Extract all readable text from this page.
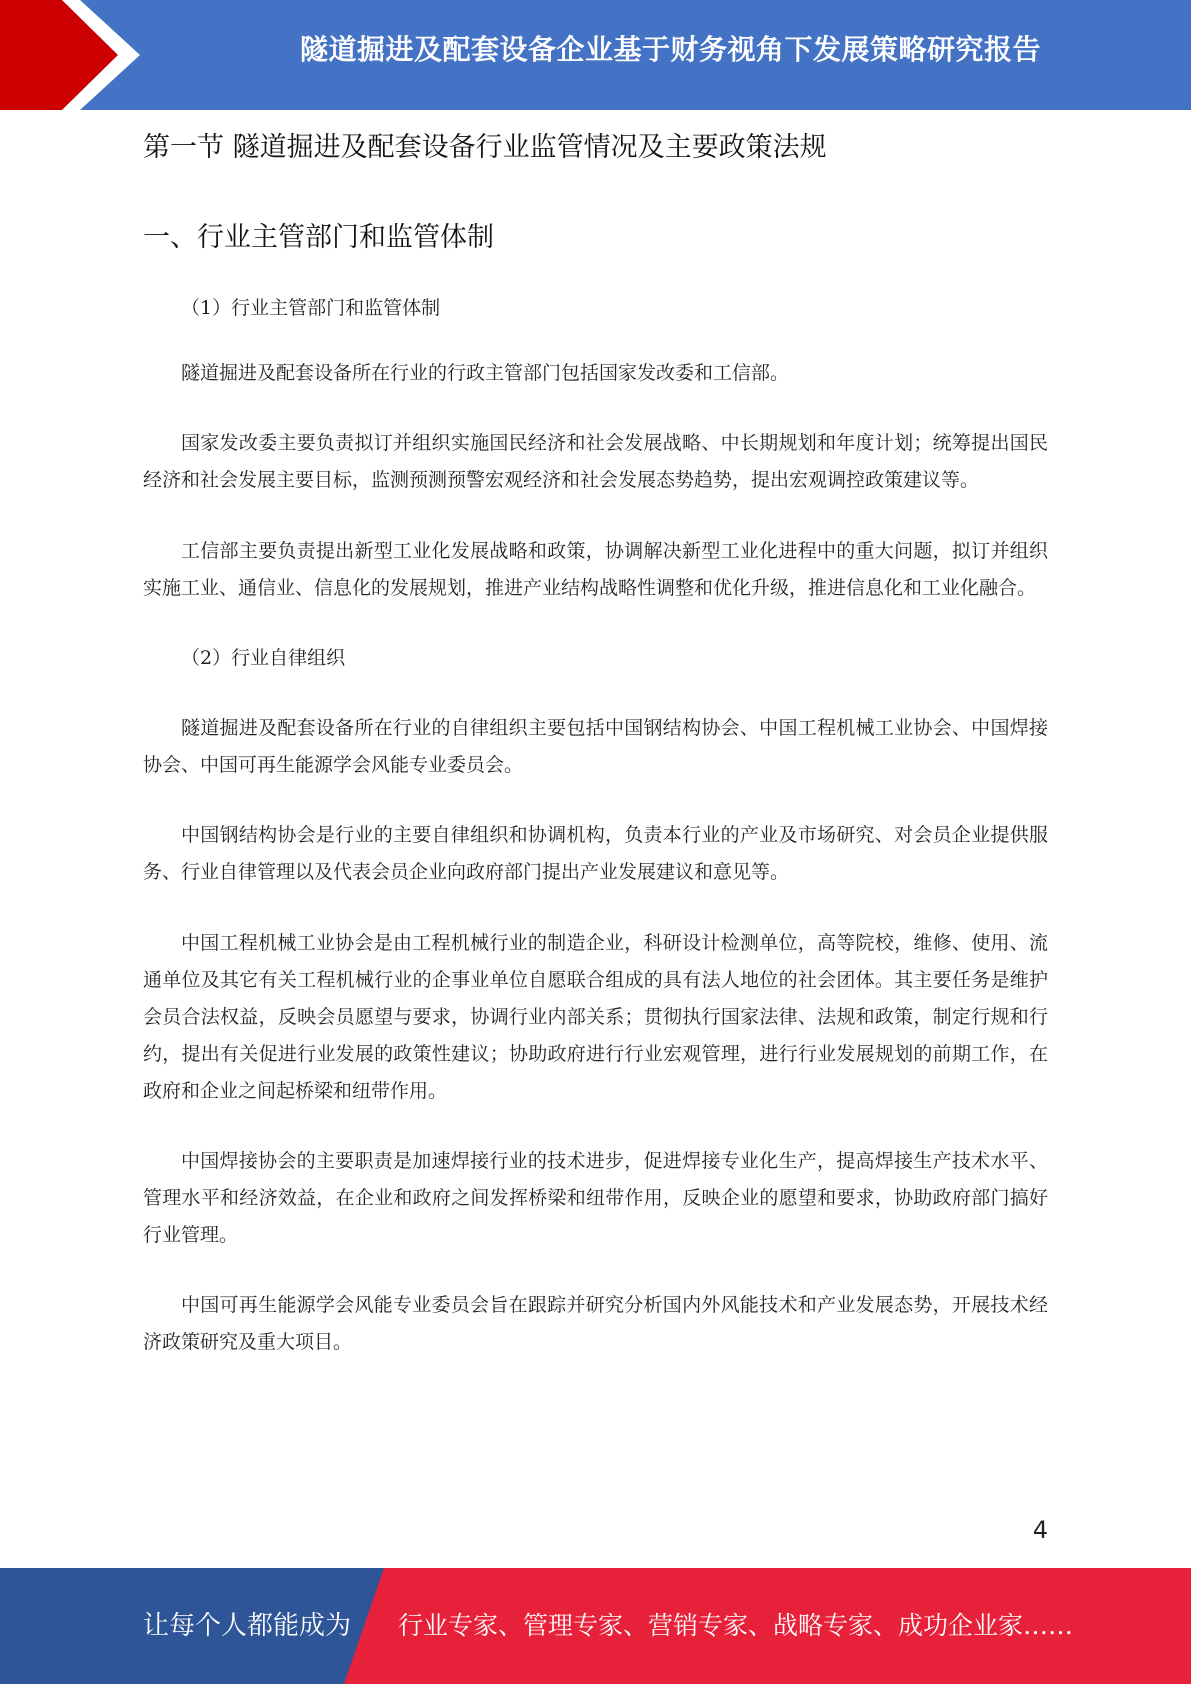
隧道掘进及配套设备企业基于财务视角下发展策略研究报告
第一节 隧道掘进及配套设备行业监管情况及主要政策法规
一、行业主管部门和监管体制

（1）行业主管部门和监管体制

隧道掘进及配套设备所在行业的行政主管部门包括国家发改委和工信部。

国家发改委主要负责拟订并组织实施国民经济和社会发展战略、中长期规划和年度计划；统筹提出国民经济和社会发展主要目标，监测预测预警宏观经济和社会发展态势趋势，提出宏观调控政策建议等。

工信部主要负责提出新型工业化发展战略和政策，协调解决新型工业化进程中的重大问题，拟订并组织实施工业、通信业、信息化的发展规划，推进产业结构战略性调整和优化升级，推进信息化和工业化融合。

（2）行业自律组织

隧道掘进及配套设备所在行业的自律组织主要包括中国钢结构协会、中国工程机械工业协会、中国焊接协会、中国可再生能源学会风能专业委员会。

中国钢结构协会是行业的主要自律组织和协调机构，负责本行业的产业及市场研究、对会员企业提供服务、行业自律管理以及代表会员企业向政府部门提出产业发展建议和意见等。

中国工程机械工业协会是由工程机械行业的制造企业，科研设计检测单位，高等院校，维修、使用、流通单位及其它有关工程机械行业的企事业单位自愿联合组成的具有法人地位的社会团体。其主要任务是维护会员合法权益，反映会员愿望与要求，协调行业内部关系；贯彻执行国家法律、法规和政策，制定行规和行约，提出有关促进行业发展的政策性建议；协助政府进行行业宏观管理，进行行业发展规划的前期工作，在政府和企业之间起桥梁和纽带作用。

中国焊接协会的主要职责是加速焊接行业的技术进步，促进焊接专业化生产，提高焊接生产技术水平、管理水平和经济效益，在企业和政府之间发挥桥梁和纽带作用，反映企业的愿望和要求，协助政府部门搞好行业管理。

中国可再生能源学会风能专业委员会旨在跟踪并研究分析国内外风能技术和产业发展态势，开展技术经济政策研究及重大项目。

4
让每个人都能成为 行业专家、管理专家、营销专家、战略专家、成功企业家……
